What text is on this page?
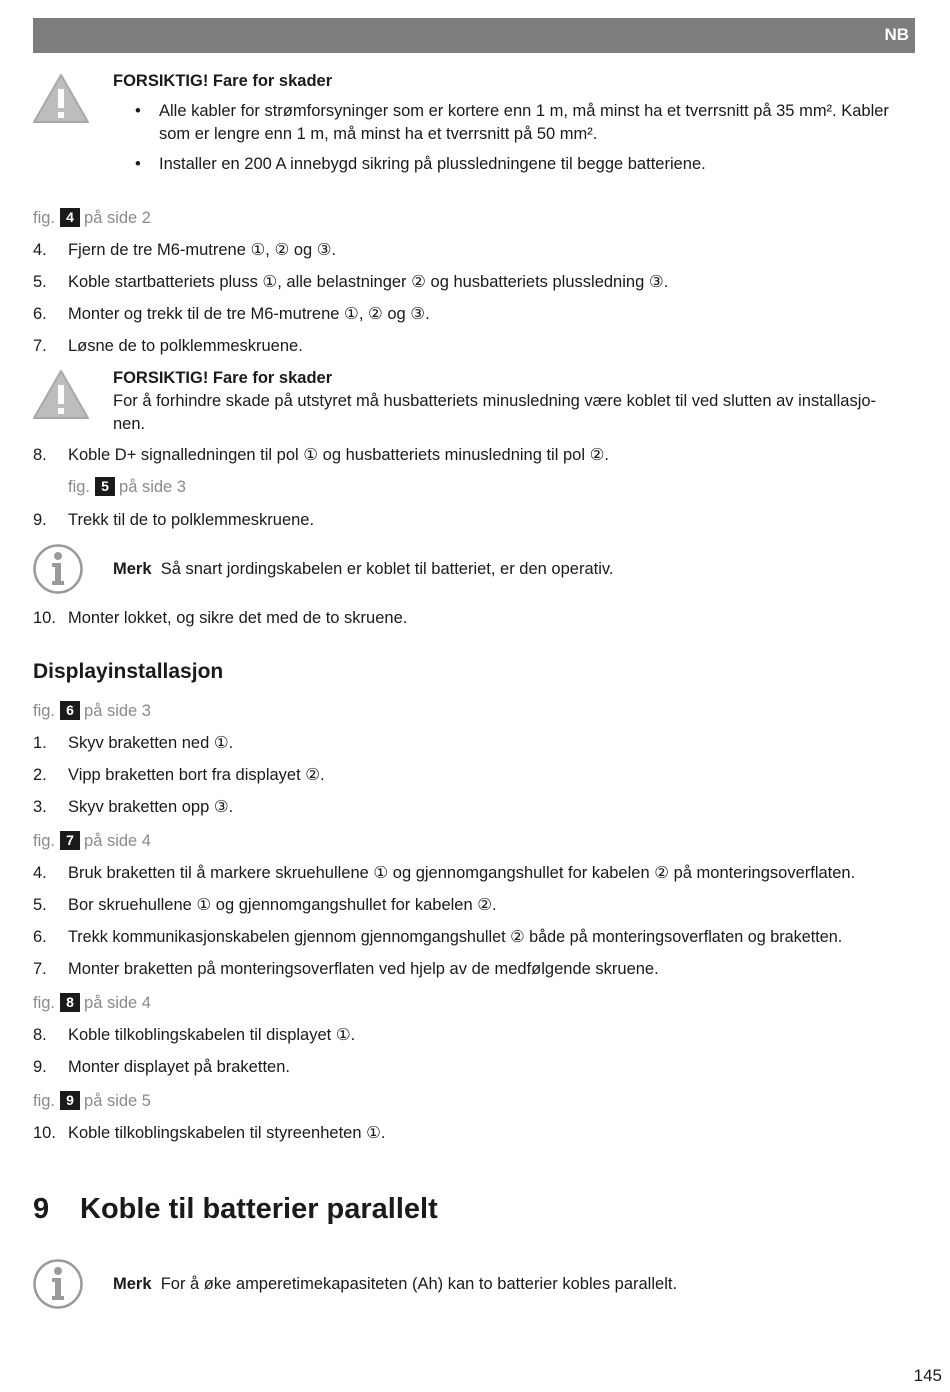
NB
FORSIKTIG! Fare for skader
• Alle kabler for strømforsyninger som er kortere enn 1 m, må minst ha et tverrsnitt på 35 mm². Kabler som er lengre enn 1 m, må minst ha et tverrsnitt på 50 mm².
• Installer en 200 A innebygd sikring på plussledningene til begge batteriene.
fig. 4 på side 2
4. Fjern de tre M6-mutrene ①, ② og ③.
5. Koble startbatteriets pluss ①, alle belastninger ② og husbatteriets plussledning ③.
6. Monter og trekk til de tre M6-mutrene ①, ② og ③.
7. Løsne de to polklemmeskruene.
FORSIKTIG! Fare for skader
For å forhindre skade på utstyret må husbatteriets minusledning være koblet til ved slutten av installasjo-
nen.
8. Koble D+ signalledningen til pol ① og husbatteriets minusledning til pol ②.
fig. 5 på side 3
9. Trekk til de to polklemmeskruene.
Merk Så snart jordingskabelen er koblet til batteriet, er den operativ.
10. Monter lokket, og sikre det med de to skruene.
Displayinstallasjon
fig. 6 på side 3
1. Skyv braketten ned ①.
2. Vipp braketten bort fra displayet ②.
3. Skyv braketten opp ③.
fig. 7 på side 4
4. Bruk braketten til å markere skruehullene ① og gjennomgangshullet for kabelen ② på monteringsoverflaten.
5. Bor skruehullene ① og gjennomgangshullet for kabelen ②.
6. Trekk kommunikasjonskabelen gjennom gjennomgangshullet ② både på monteringsoverflaten og braketten.
7. Monter braketten på monteringsoverflaten ved hjelp av de medfølgende skruene.
fig. 8 på side 4
8. Koble tilkoblingskabelen til displayet ①.
9. Monter displayet på braketten.
fig. 9 på side 5
10. Koble tilkoblingskabelen til styreenheten ①.
9 Koble til batterier parallelt
Merk For å øke amperetimekapasiteten (Ah) kan to batterier kobles parallelt.
145
